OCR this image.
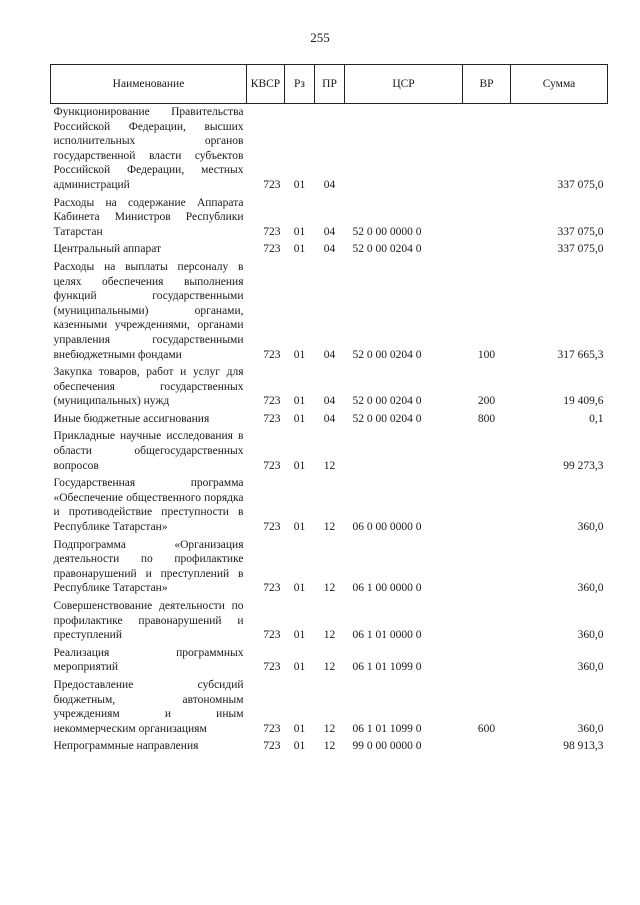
255
Наименование	КВСР	Рз	ПР	ЦСР	ВР	Сумма
Функционирование Правительства Российской Федерации, высших исполнительных органов государственной власти субъектов Российской Федерации, местных администраций	723	01	04			337 075,0
Расходы на содержание Аппарата Кабинета Министров Республики Татарстан	723	01	04	52 0 00 0000 0		337 075,0
Центральный аппарат	723	01	04	52 0 00 0204 0		337 075,0
Расходы на выплаты персоналу в целях обеспечения выполнения функций государственными (муниципальными) органами, казенными учреждениями, органами управления государственными внебюджетными фондами	723	01	04	52 0 00 0204 0	100	317 665,3
Закупка товаров, работ и услуг для обеспечения государственных (муниципальных) нужд	723	01	04	52 0 00 0204 0	200	19 409,6
Иные бюджетные ассигнования	723	01	04	52 0 00 0204 0	800	0,1
Прикладные научные исследования в области общегосударственных вопросов	723	01	12			99 273,3
Государственная программа «Обеспечение общественного порядка и противодействие преступности в Республике Татарстан»	723	01	12	06 0 00 0000 0		360,0
Подпрограмма «Организация деятельности по профилактике правонарушений и преступлений в Республике Татарстан»	723	01	12	06 1 00 0000 0		360,0
Совершенствование деятельности по профилактике правонарушений и преступлений	723	01	12	06 1 01 0000 0		360,0
Реализация программных мероприятий	723	01	12	06 1 01 1099 0		360,0
Предоставление субсидий бюджетным, автономным учреждениям и иным некоммерческим организациям	723	01	12	06 1 01 1099 0	600	360,0
Непрограммные направления	723	01	12	99 0 00 0000 0		98 913,3
